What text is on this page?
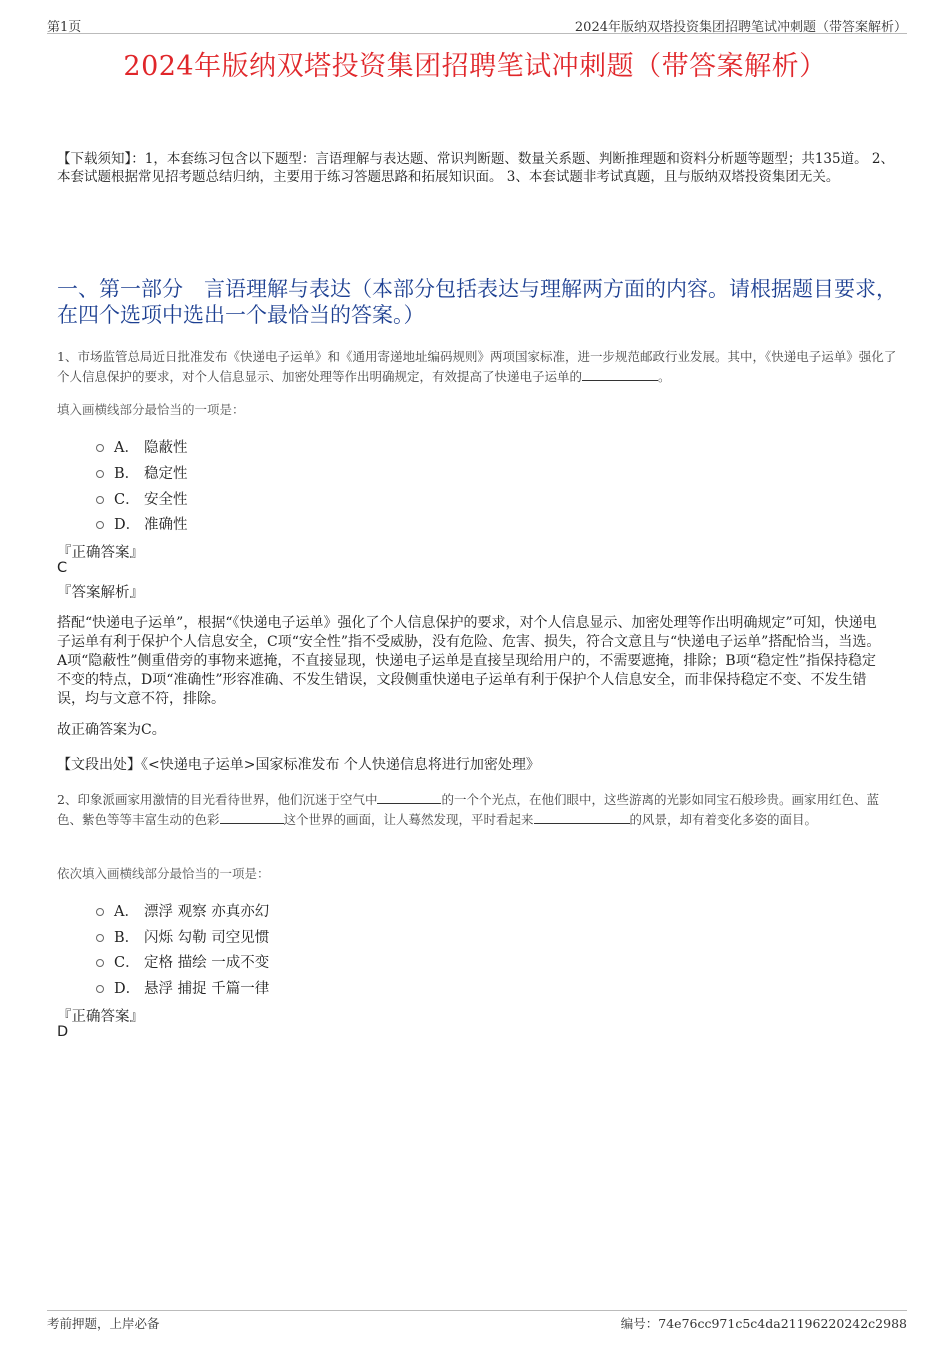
第1页	2024年版纳双塔投资集团招聘笔试冲刺题（带答案解析）
2024年版纳双塔投资集团招聘笔试冲刺题（带答案解析）
【下载须知】：1，本套练习包含以下题型：言语理解与表达题、常识判断题、数量关系题、判断推理题和资料分析题等题型；共135道。 2、本套试题根据常见招考题总结归纳，主要用于练习答题思路和拓展知识面。 3、本套试题非考试真题，且与版纳双塔投资集团无关。
一、第一部分　言语理解与表达（本部分包括表达与理解两方面的内容。请根据题目要求，在四个选项中选出一个最恰当的答案。）
1、市场监管总局近日批准发布《快递电子运单》和《通用寄递地址编码规则》两项国家标准，进一步规范邮政行业发展。其中，《快递电子运单》强化了个人信息保护的要求，对个人信息显示、加密处理等作出明确规定，有效提高了快递电子运单的	。
填入画横线部分最恰当的一项是：
A． 隐蔽性
B． 稳定性
C． 安全性
D． 准确性
『正确答案』
C
『答案解析』
搭配“快递电子运单”，根据“《快递电子运单》强化了个人信息保护的要求，对个人信息显示、加密处理等作出明确规定”可知，快递电子运单有利于保护个人信息安全，C项“安全性”指不受威胁，没有危险、危害、损失，符合文意且与“快递电子运单”搭配恰当，当选。A项“隐蔽性”侧重借旁的事物来遮掩，不直接显现，快递电子运单是直接呈现给用户的，不需要遮掩，排除；B项“稳定性”指保持稳定不变的特点，D项“准确性”形容准确、不发生错误，文段侧重快递电子运单有利于保护个人信息安全，而非保持稳定不变、不发生错误，均与文意不符，排除。
故正确答案为C。
【文段出处】《<快递电子运单>国家标准发布 个人快递信息将进行加密处理》
2、印象派画家用激情的目光看待世界，他们沉迷于空气中	的一个个光点，在他们眼中，这些游离的光影如同宝石般珍贵。画家用红色、蓝色、紫色等等丰富生动的色彩	这个世界的画面，让人蓦然发现，平时看起来	的风景，却有着变化多姿的面目。
依次填入画横线部分最恰当的一项是：
A． 漂浮 观察 亦真亦幻
B． 闪烁 勾勒 司空见惯
C． 定格 描绘 一成不变
D． 悬浮 捕捉 千篇一律
『正确答案』
D
考前押题，上岸必备	编号：74e76cc971c5c4da21196220242c2988
